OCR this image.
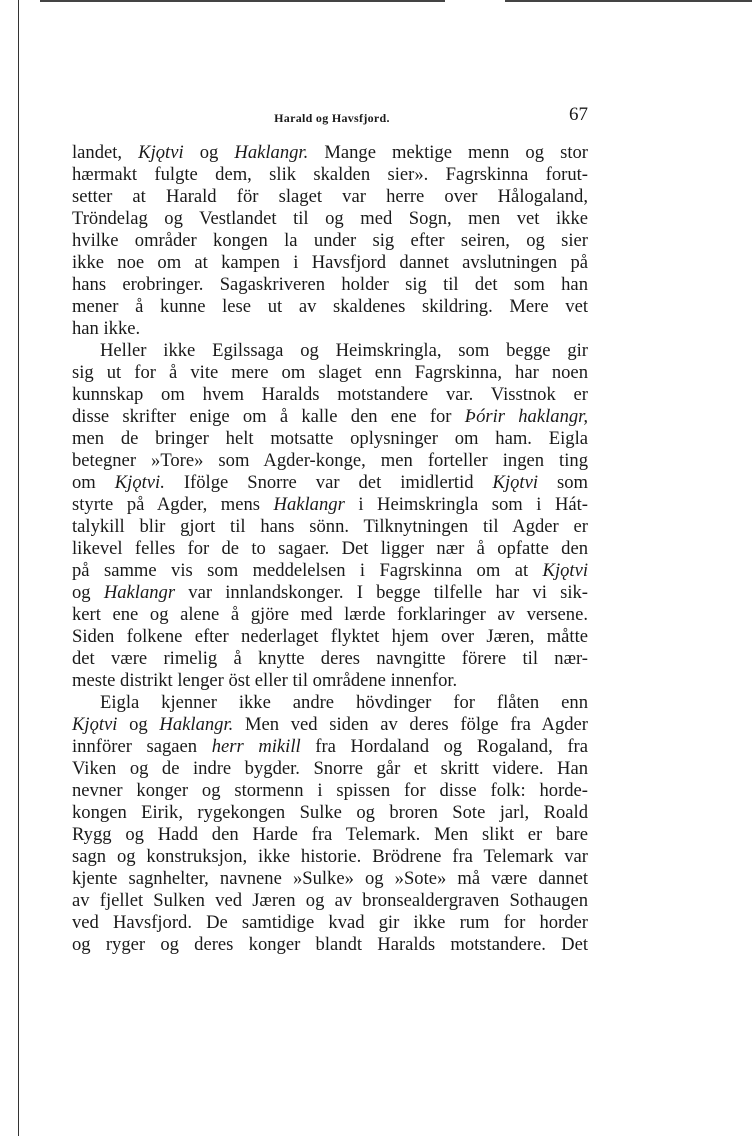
Harald og Havsfjord.	67
landet, Kjǫtvi og Haklangr. Mange mektige menn og stor
hærmakt fulgte dem, slik skalden sier». Fagrskinna forut-
setter at Harald för slaget var herre over Hålogaland,
Tröndelag og Vestlandet til og med Sogn, men vet ikke
hvilke områder kongen la under sig efter seiren, og sier
ikke noe om at kampen i Havsfjord dannet avslutningen på
hans erobringer. Sagaskriveren holder sig til det som han
mener å kunne lese ut av skaldenes skildring. Mere vet
han ikke.
Heller ikke Egilssaga og Heimskringla, som begge gir
sig ut for å vite mere om slaget enn Fagrskinna, har noen
kunnskap om hvem Haralds motstandere var. Visstnok er
disse skrifter enige om å kalle den ene for Þórir haklangr,
men de bringer helt motsatte oplysninger om ham. Eigla
betegner »Tore» som Agder-konge, men forteller ingen ting
om Kjǫtvi. Ifölge Snorre var det imidlertid Kjǫtvi som
styrte på Agder, mens Haklangr i Heimskringla som i Hát-
talykill blir gjort til hans sönn. Tilknytningen til Agder er
likevel felles for de to sagaer. Det ligger nær å opfatte den
på samme vis som meddelelsen i Fagrskinna om at Kjǫtvi
og Haklangr var innlandskonger. I begge tilfelle har vi sik-
kert ene og alene å gjöre med lærde forklaringer av versene.
Siden folkene efter nederlaget flyktet hjem over Jæren, måtte
det være rimelig å knytte deres navngitte förere til nær-
meste distrikt lenger öst eller til områdene innenfor.
Eigla kjenner ikke andre hövdinger for flåten enn
Kjǫtvi og Haklangr. Men ved siden av deres fölge fra Agder
innförer sagaen herr mikill fra Hordaland og Rogaland, fra
Viken og de indre bygder. Snorre går et skritt videre. Han
nevner konger og stormenn i spissen for disse folk: horde-
kongen Eirik, rygekongen Sulke og broren Sote jarl, Roald
Rygg og Hadd den Harde fra Telemark. Men slikt er bare
sagn og konstruksjon, ikke historie. Brödrene fra Telemark var
kjente sagnhelter, navnene »Sulke» og »Sote» må være dannet
av fjellet Sulken ved Jæren og av bronsealdergraven Sothaugen
ved Havsfjord. De samtidige kvad gir ikke rum for horder
og ryger og deres konger blandt Haralds motstandere. Det
